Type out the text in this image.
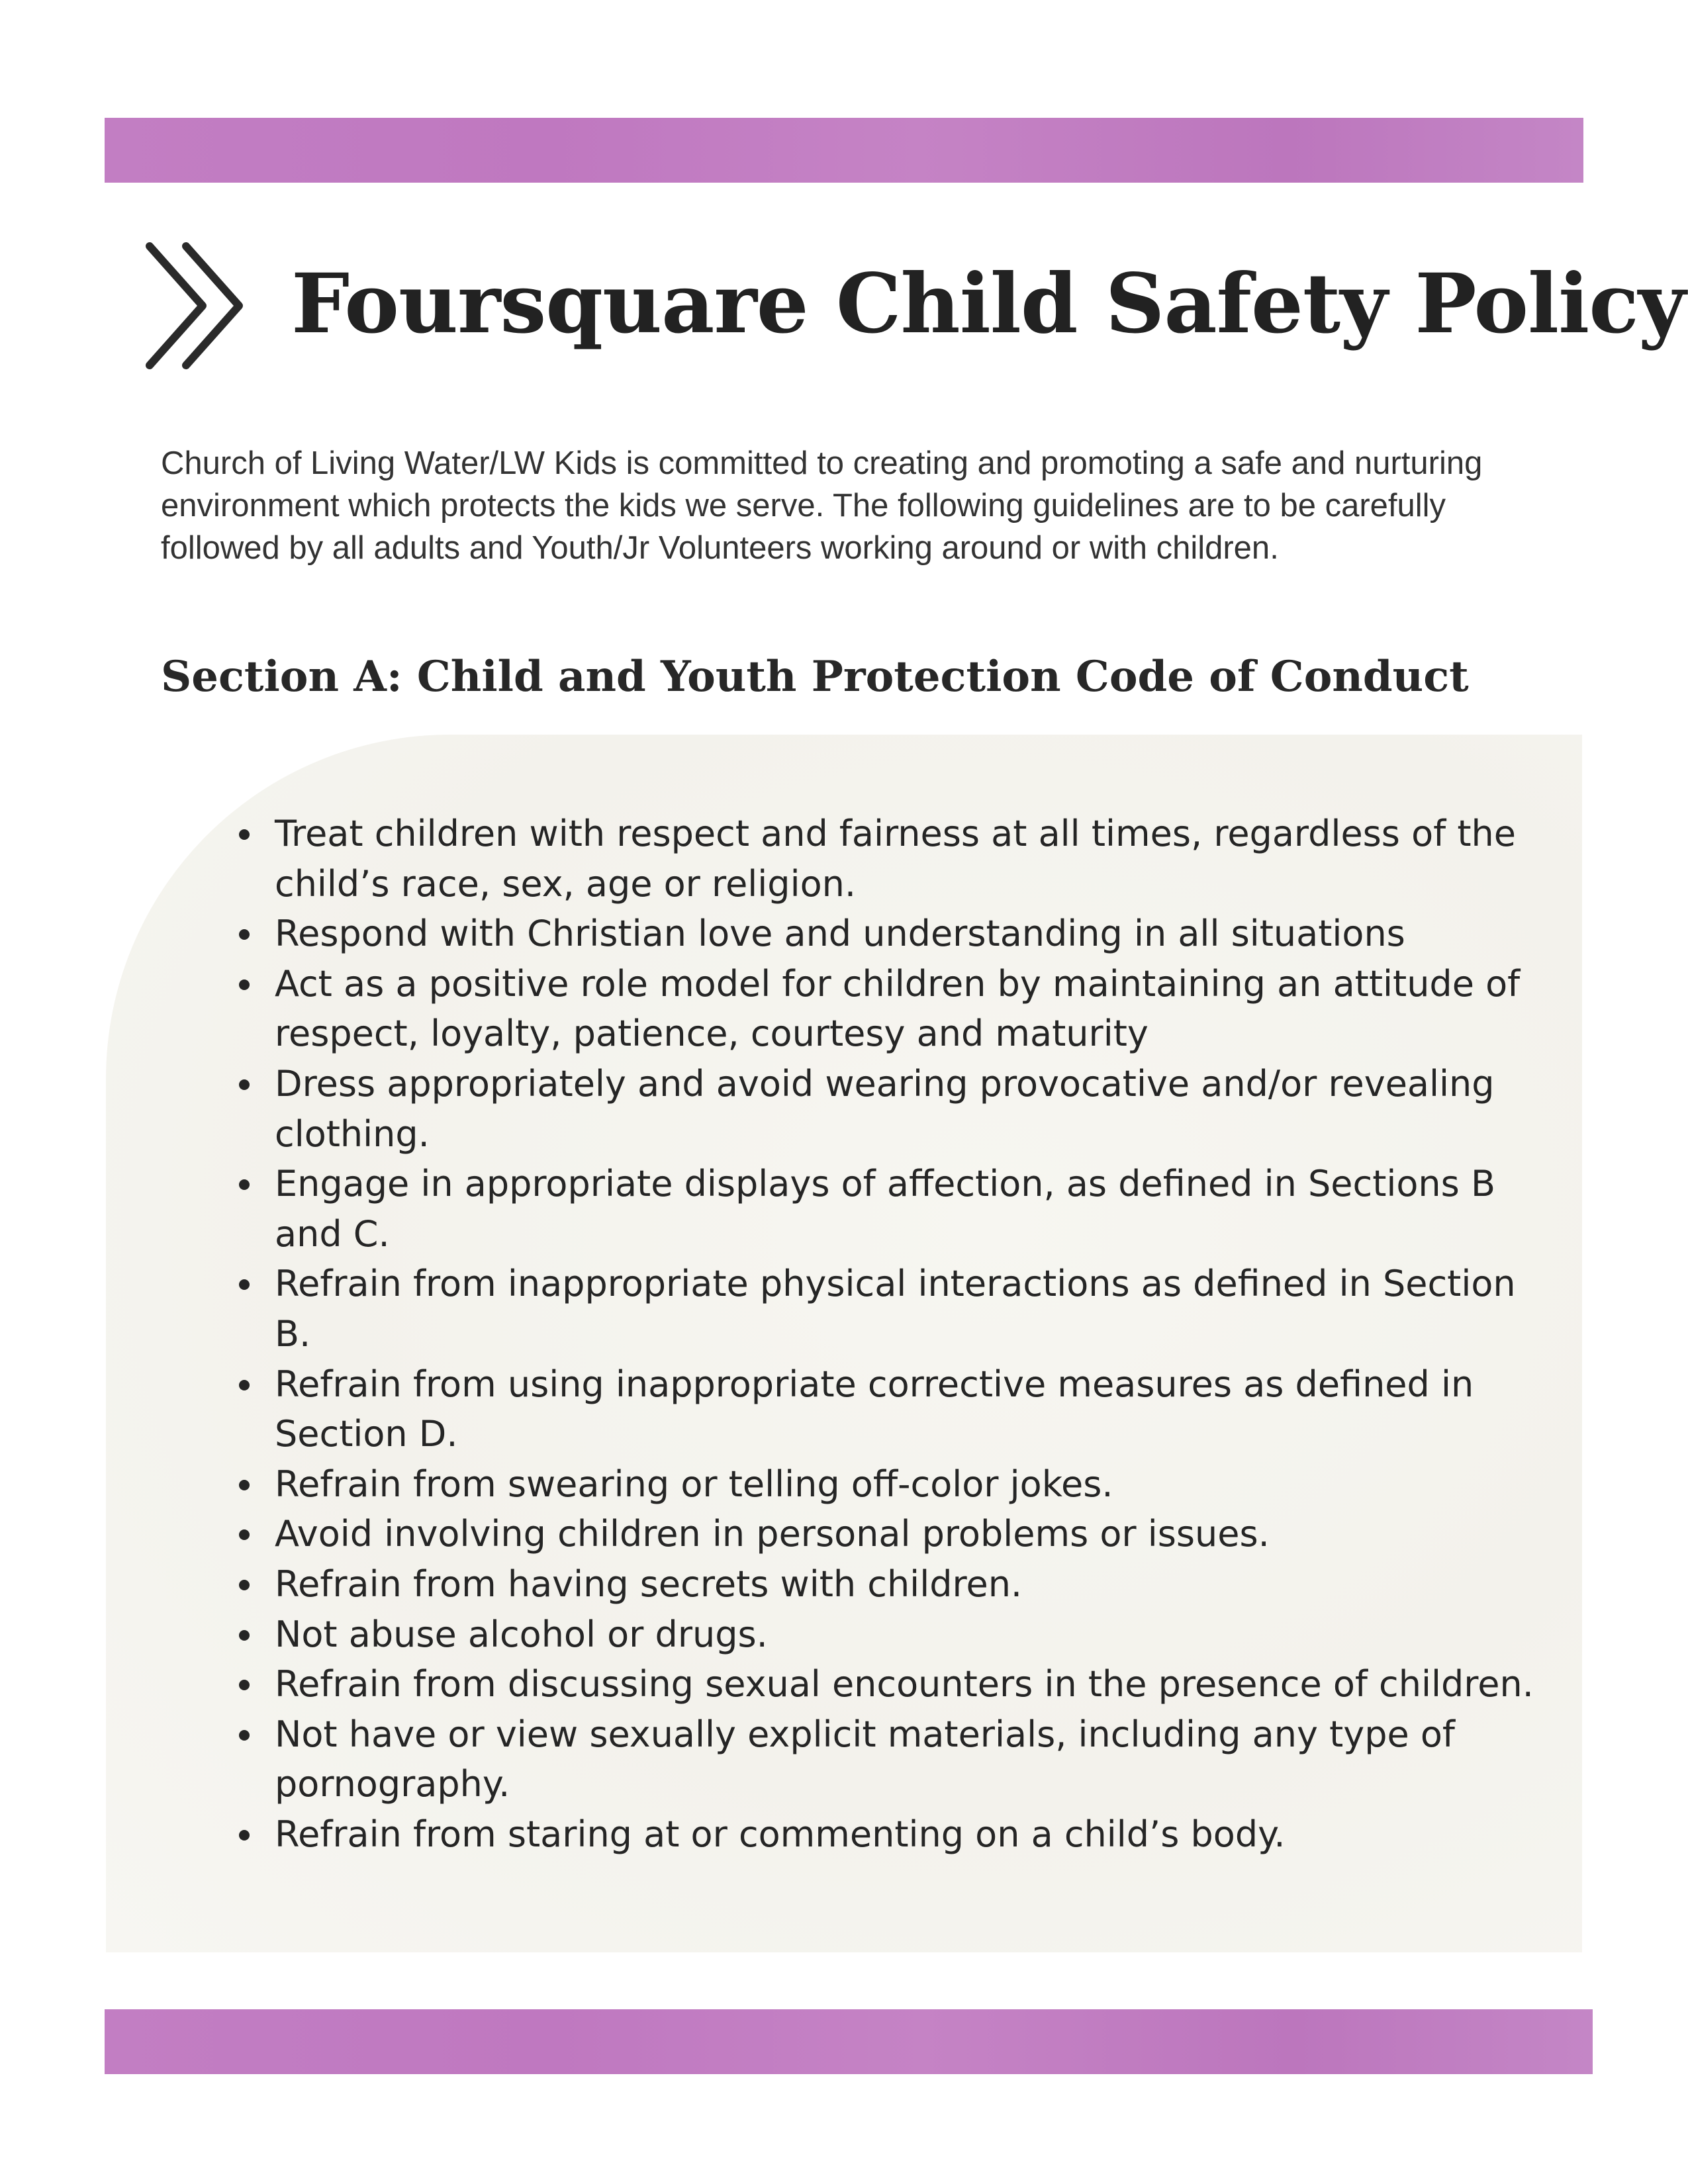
Foursquare Child Safety Policy

Church of Living Water/LW Kids is committed to creating and promoting a safe and nurturing environment which protects the kids we serve. The following guidelines are to be carefully followed by all adults and Youth/Jr Volunteers working around or with children.

Section A: Child and Youth Protection Code of Conduct
Treat children with respect and fairness at all times, regardless of the child’s race, sex, age or religion.
Respond with Christian love and understanding in all situations
Act as a positive role model for children by maintaining an attitude of respect, loyalty, patience, courtesy and maturity
Dress appropriately and avoid wearing provocative and/or revealing clothing.
Engage in appropriate displays of affection, as defined in Sections B and C.
Refrain from inappropriate physical interactions as defined in Section B.
Refrain from using inappropriate corrective measures as defined in Section D.
Refrain from swearing or telling off-color jokes.
Avoid involving children in personal problems or issues.
Refrain from having secrets with children.
Not abuse alcohol or drugs.
Refrain from discussing sexual encounters in the presence of children.
Not have or view sexually explicit materials, including any type of pornography.
Refrain from staring at or commenting on a child’s body.
